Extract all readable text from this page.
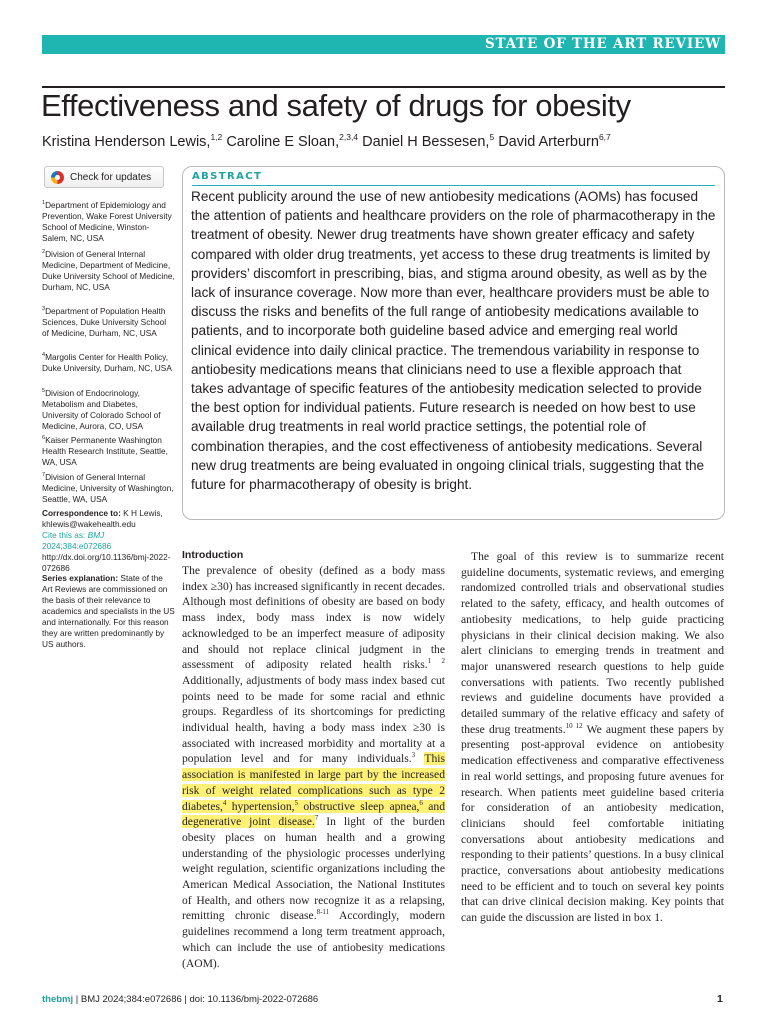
STATE OF THE ART REVIEW
Effectiveness and safety of drugs for obesity
Kristina Henderson Lewis,$^{1,2}$ Caroline E Sloan,$^{2,3,4}$ Daniel H Bessesen,$^5$ David Arterburn$^{6,7}$
Check for updates
$^1$Department of Epidemiology and Prevention, Wake Forest University School of Medicine, Winston-Salem, NC, USA
$^2$Division of General Internal Medicine, Department of Medicine, Duke University School of Medicine, Durham, NC, USA
$^3$Department of Population Health Sciences, Duke University School of Medicine, Durham, NC, USA
$^4$Margolis Center for Health Policy, Duke University, Durham, NC, USA
$^5$Division of Endocrinology, Metabolism and Diabetes, University of Colorado School of Medicine, Aurora, CO, USA
$^6$Kaiser Permanente Washington Health Research Institute, Seattle, WA, USA
$^7$Division of General Internal Medicine, University of Washington, Seattle, WA, USA
Correspondence to: K H Lewis,
khlewis@wakehealth.edu
Cite this as: BMJ 2024;384:e072686
http://dx.doi.org/10.1136/bmj-2022-072686
Series explanation: State of the Art Reviews are commissioned on the basis of their relevance to academics and specialists in the US and internationally. For this reason they are written predominantly by US authors.
ABSTRACT

Recent publicity around the use of new antiobesity medications (AOMs) has focused the attention of patients and healthcare providers on the role of pharmacotherapy in the treatment of obesity. Newer drug treatments have shown greater efficacy and safety compared with older drug treatments, yet access to these drug treatments is limited by providers’ discomfort in prescribing, bias, and stigma around obesity, as well as by the lack of insurance coverage. Now more than ever, healthcare providers must be able to discuss the risks and benefits of the full range of antiobesity medications available to patients, and to incorporate both guideline based advice and emerging real world clinical evidence into daily clinical practice. The tremendous variability in response to antiobesity medications means that clinicians need to use a flexible approach that takes advantage of specific features of the antiobesity medication selected to provide the best option for individual patients. Future research is needed on how best to use available drug treatments in real world practice settings, the potential role of combination therapies, and the cost effectiveness of antiobesity medications. Several new drug treatments are being evaluated in ongoing clinical trials, suggesting that the future for pharmacotherapy of obesity is bright.

Introduction

The prevalence of obesity (defined as a body mass index ≥30) has increased significantly in recent decades. Although most definitions of obesity are based on body mass index, body mass index is now widely acknowledged to be an imperfect measure of adiposity and should not replace clinical judgment in the assessment of adiposity related health risks.$^{1 2}$ Additionally, adjustments of body mass index based cut points need to be made for some racial and ethnic groups. Regardless of its shortcomings for predicting individual health, having a body mass index ≥30 is associated with increased morbidity and mortality at a population level and for many individuals.$^3$ This association is manifested in large part by the increased risk of weight related complications such as type 2 diabetes,$^4$ hypertension,$^5$ obstructive sleep apnea,$^6$ and degenerative joint disease.$^7$ In light of the burden obesity places on human health and a growing understanding of the physiologic processes underlying weight regulation, scientific organizations including the American Medical Association, the National Institutes of Health, and others now recognize it as a relapsing, remitting chronic disease.$^{8-11}$ Accordingly, modern guidelines recommend a long term treatment approach, which can include the use of antiobesity medications (AOM).

The goal of this review is to summarize recent guideline documents, systematic reviews, and emerging randomized controlled trials and observational studies related to the safety, efficacy, and health outcomes of antiobesity medications, to help guide practicing physicians in their clinical decision making. We also alert clinicians to emerging trends in treatment and major unanswered research questions to help guide conversations with patients. Two recently published reviews and guideline documents have provided a detailed summary of the relative efficacy and safety of these drug treatments.$^{10 12}$ We augment these papers by presenting post-approval evidence on antiobesity medication effectiveness and comparative effectiveness in real world settings, and proposing future avenues for research. When patients meet guideline based criteria for consideration of an antiobesity medication, clinicians should feel comfortable initiating conversations about antiobesity medications and responding to their patients’ questions. In a busy clinical practice, conversations about antiobesity medications need to be efficient and to touch on several key points that can drive clinical decision making. Key points that can guide the discussion are listed in box 1.

thebmj | BMJ 2024;384:e072686 | doi: 10.1136/bmj-2022-072686	1
